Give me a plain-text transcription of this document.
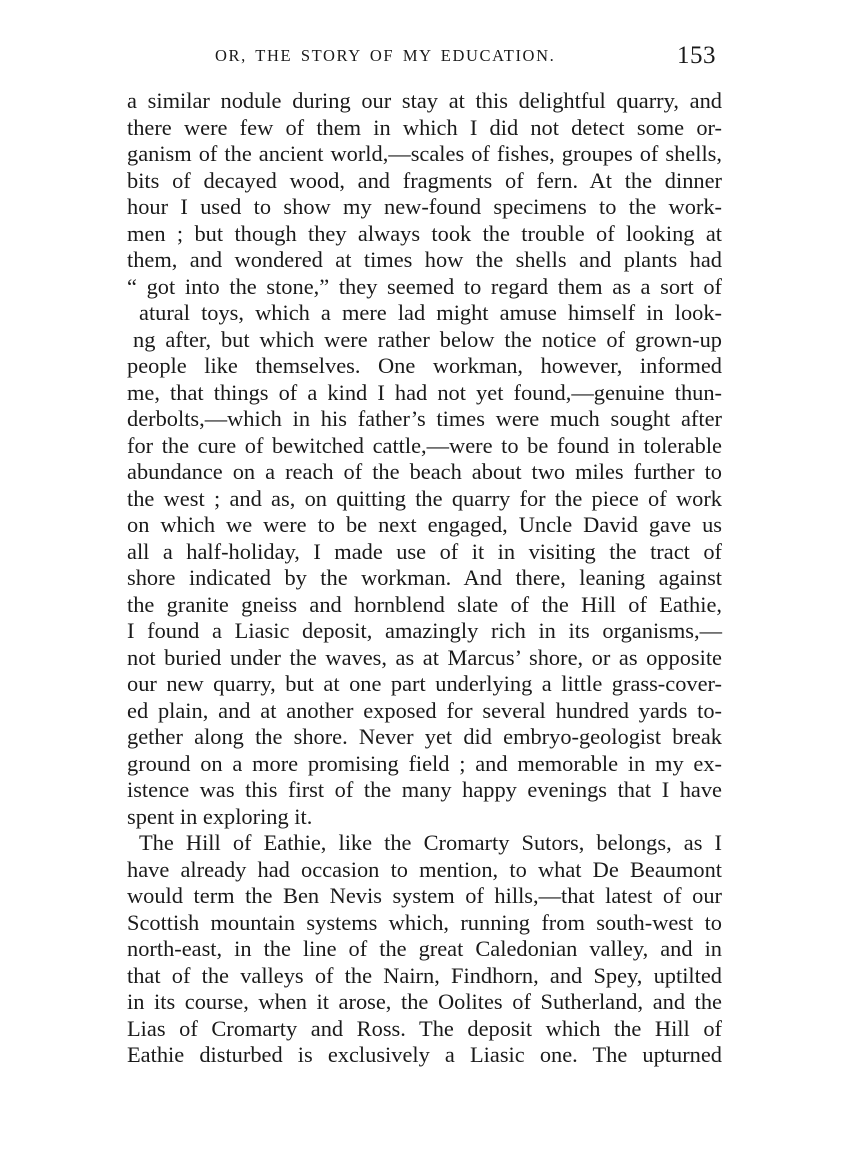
OR, THE STORY OF MY EDUCATION.	153
a similar nodule during our stay at this delightful quarry, and
there were few of them in which I did not detect some or-
ganism of the ancient world,—scales of fishes, groupes of shells,
bits of decayed wood, and fragments of fern. At the dinner
hour I used to show my new-found specimens to the work-
men ; but though they always took the trouble of looking at
them, and wondered at times how the shells and plants had
“ got into the stone,” they seemed to regard them as a sort of
atural toys, which a mere lad might amuse himself in look-
ng after, but which were rather below the notice of grown-up
people like themselves. One workman, however, informed
me, that things of a kind I had not yet found,—genuine thun-
derbolts,—which in his father’s times were much sought after
for the cure of bewitched cattle,—were to be found in tolerable
abundance on a reach of the beach about two miles further to
the west ; and as, on quitting the quarry for the piece of work
on which we were to be next engaged, Uncle David gave us
all a half-holiday, I made use of it in visiting the tract of
shore indicated by the workman. And there, leaning against
the granite gneiss and hornblend slate of the Hill of Eathie,
I found a Liasic deposit, amazingly rich in its organisms,—
not buried under the waves, as at Marcus’ shore, or as opposite
our new quarry, but at one part underlying a little grass-cover-
ed plain, and at another exposed for several hundred yards to-
gether along the shore. Never yet did embryo-geologist break
ground on a more promising field ; and memorable in my ex-
istence was this first of the many happy evenings that I have
spent in exploring it.
The Hill of Eathie, like the Cromarty Sutors, belongs, as I
have already had occasion to mention, to what De Beaumont
would term the Ben Nevis system of hills,—that latest of our
Scottish mountain systems which, running from south-west to
north-east, in the line of the great Caledonian valley, and in
that of the valleys of the Nairn, Findhorn, and Spey, uptilted
in its course, when it arose, the Oolites of Sutherland, and the
Lias of Cromarty and Ross. The deposit which the Hill of
Eathie disturbed is exclusively a Liasic one. The upturned
